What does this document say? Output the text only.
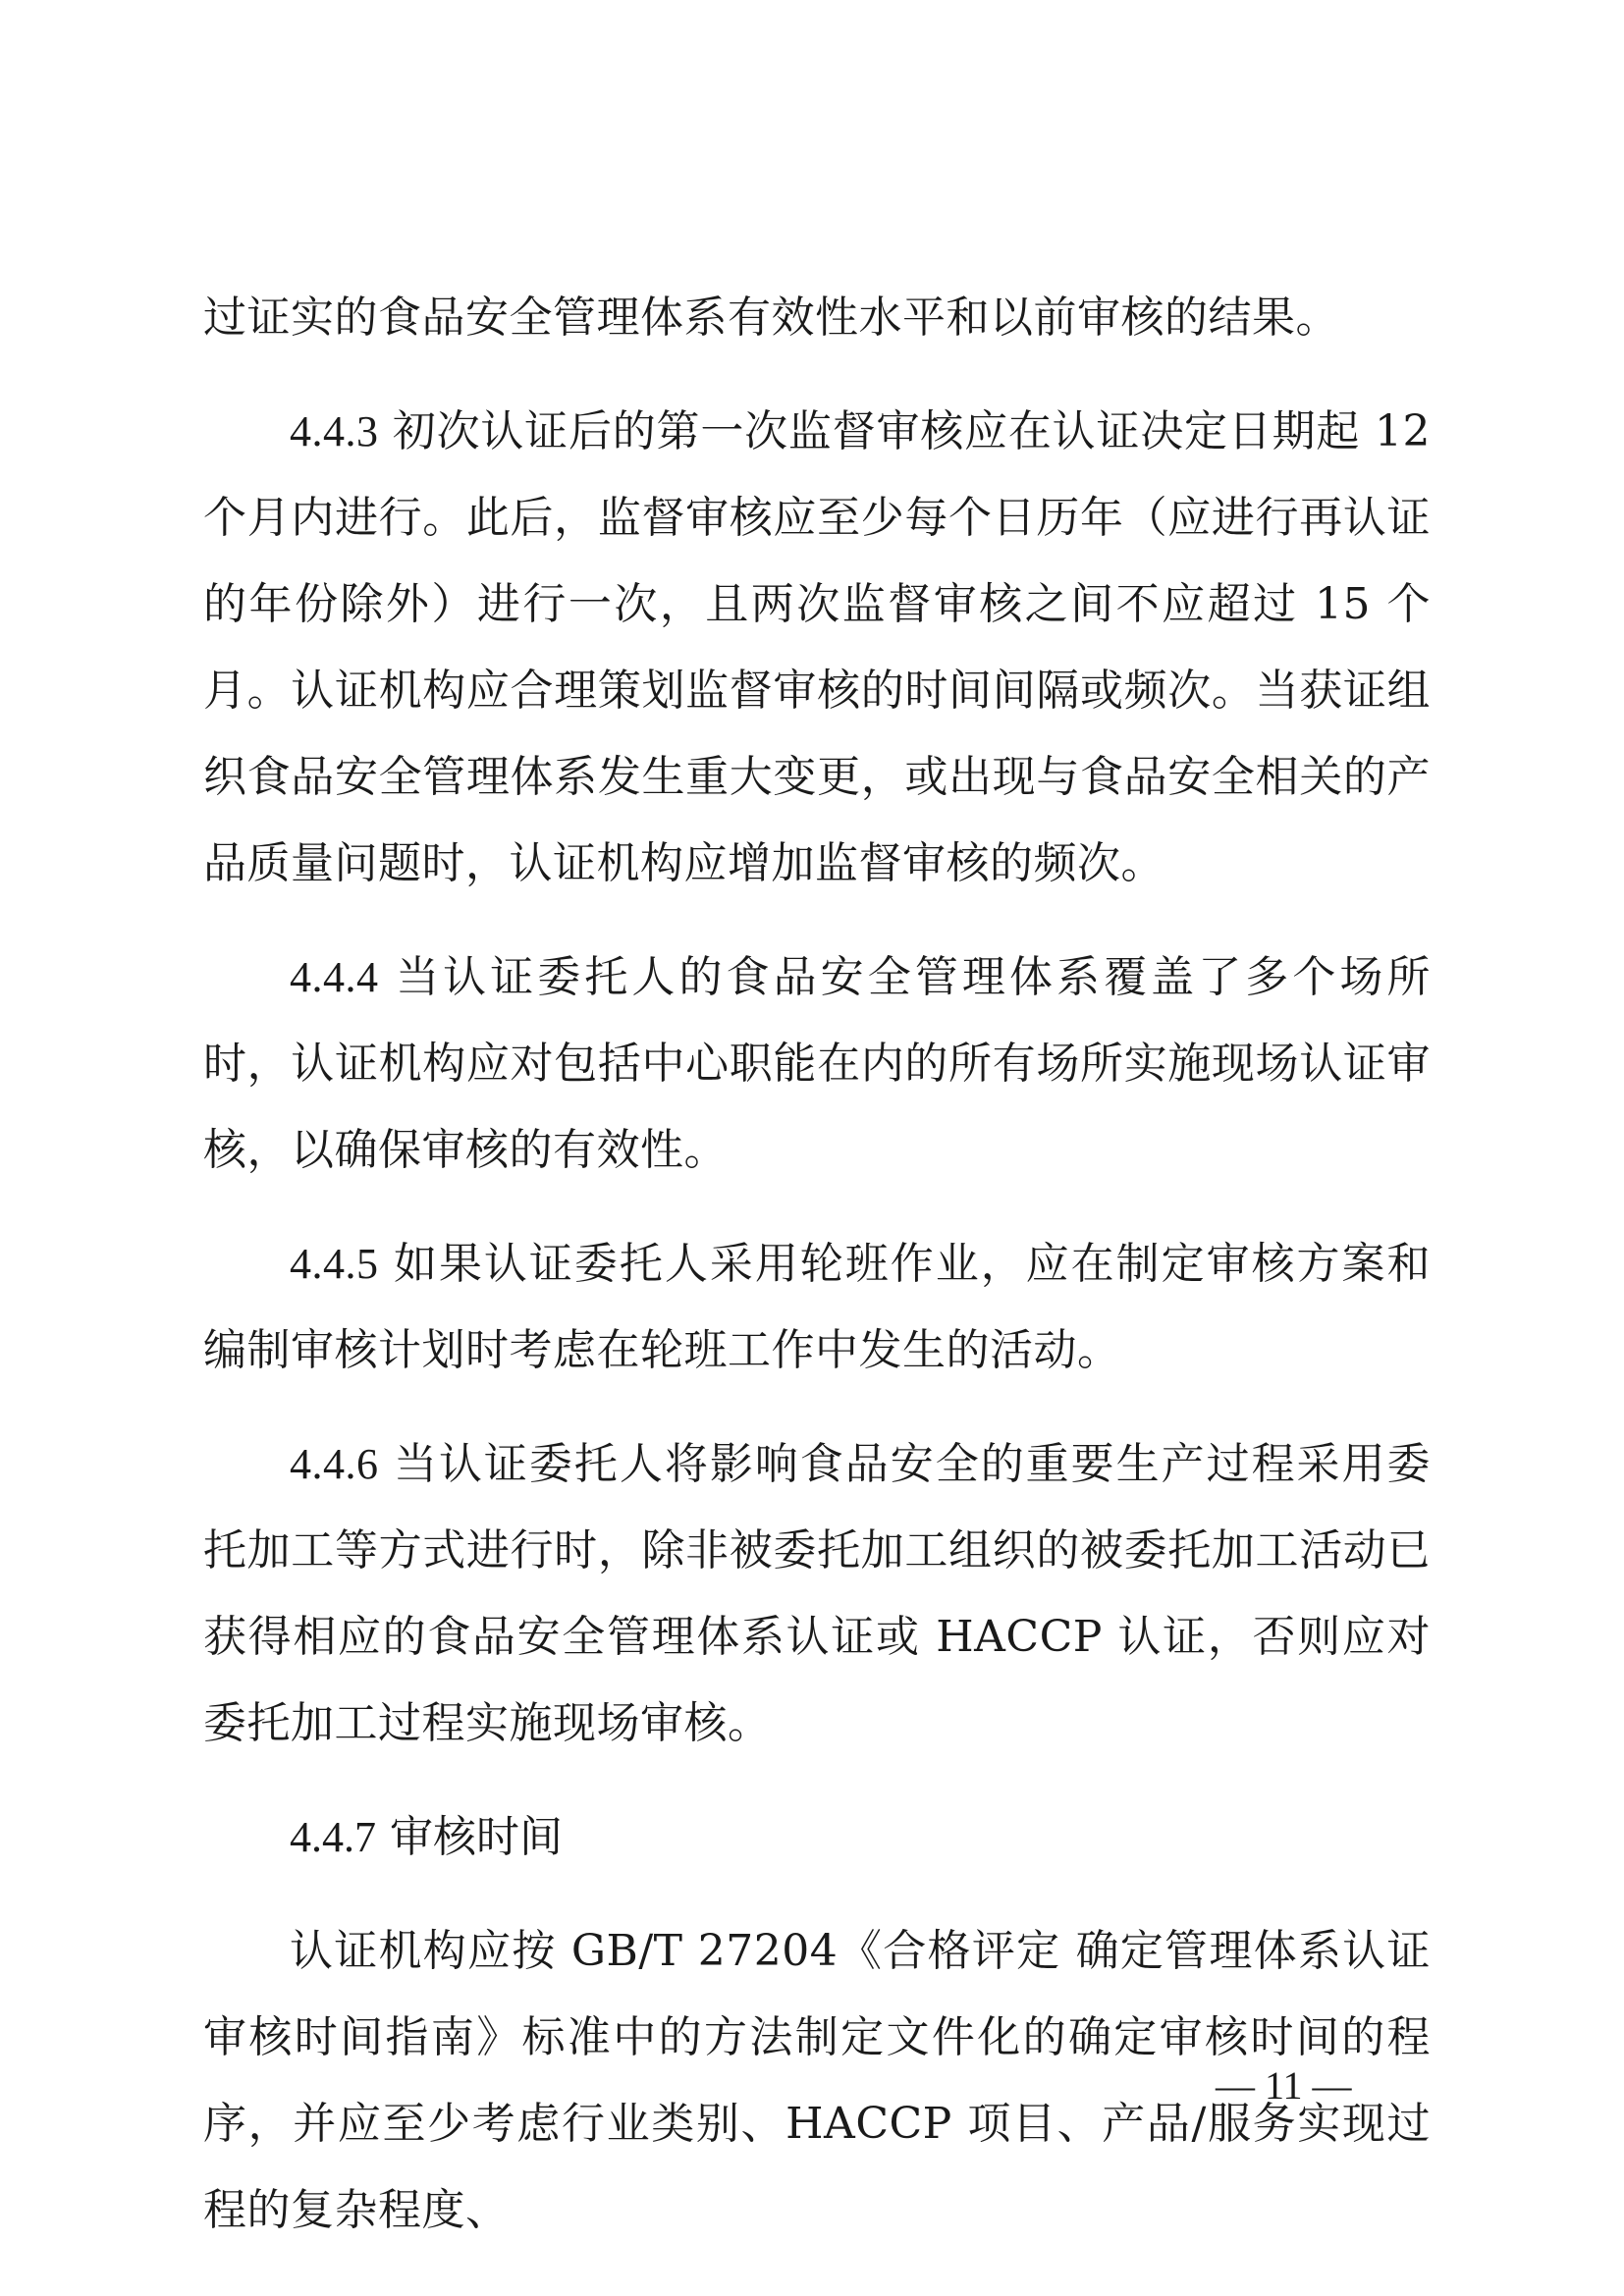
过证实的食品安全管理体系有效性水平和以前审核的结果。

4.4.3 初次认证后的第一次监督审核应在认证决定日期起 12 个月内进行。此后，监督审核应至少每个日历年（应进行再认证的年份除外）进行一次，且两次监督审核之间不应超过 15 个月。认证机构应合理策划监督审核的时间间隔或频次。当获证组织食品安全管理体系发生重大变更，或出现与食品安全相关的产品质量问题时，认证机构应增加监督审核的频次。

4.4.4 当认证委托人的食品安全管理体系覆盖了多个场所时，认证机构应对包括中心职能在内的所有场所实施现场认证审核，以确保审核的有效性。

4.4.5 如果认证委托人采用轮班作业，应在制定审核方案和编制审核计划时考虑在轮班工作中发生的活动。

4.4.6 当认证委托人将影响食品安全的重要生产过程采用委托加工等方式进行时，除非被委托加工组织的被委托加工活动已获得相应的食品安全管理体系认证或 HACCP 认证，否则应对委托加工过程实施现场审核。

4.4.7 审核时间

认证机构应按 GB/T 27204《合格评定 确定管理体系认证审核时间指南》标准中的方法制定文件化的确定审核时间的程序，并应至少考虑行业类别、HACCP 项目、产品/服务实现过程的复杂程度、

— 11 —
